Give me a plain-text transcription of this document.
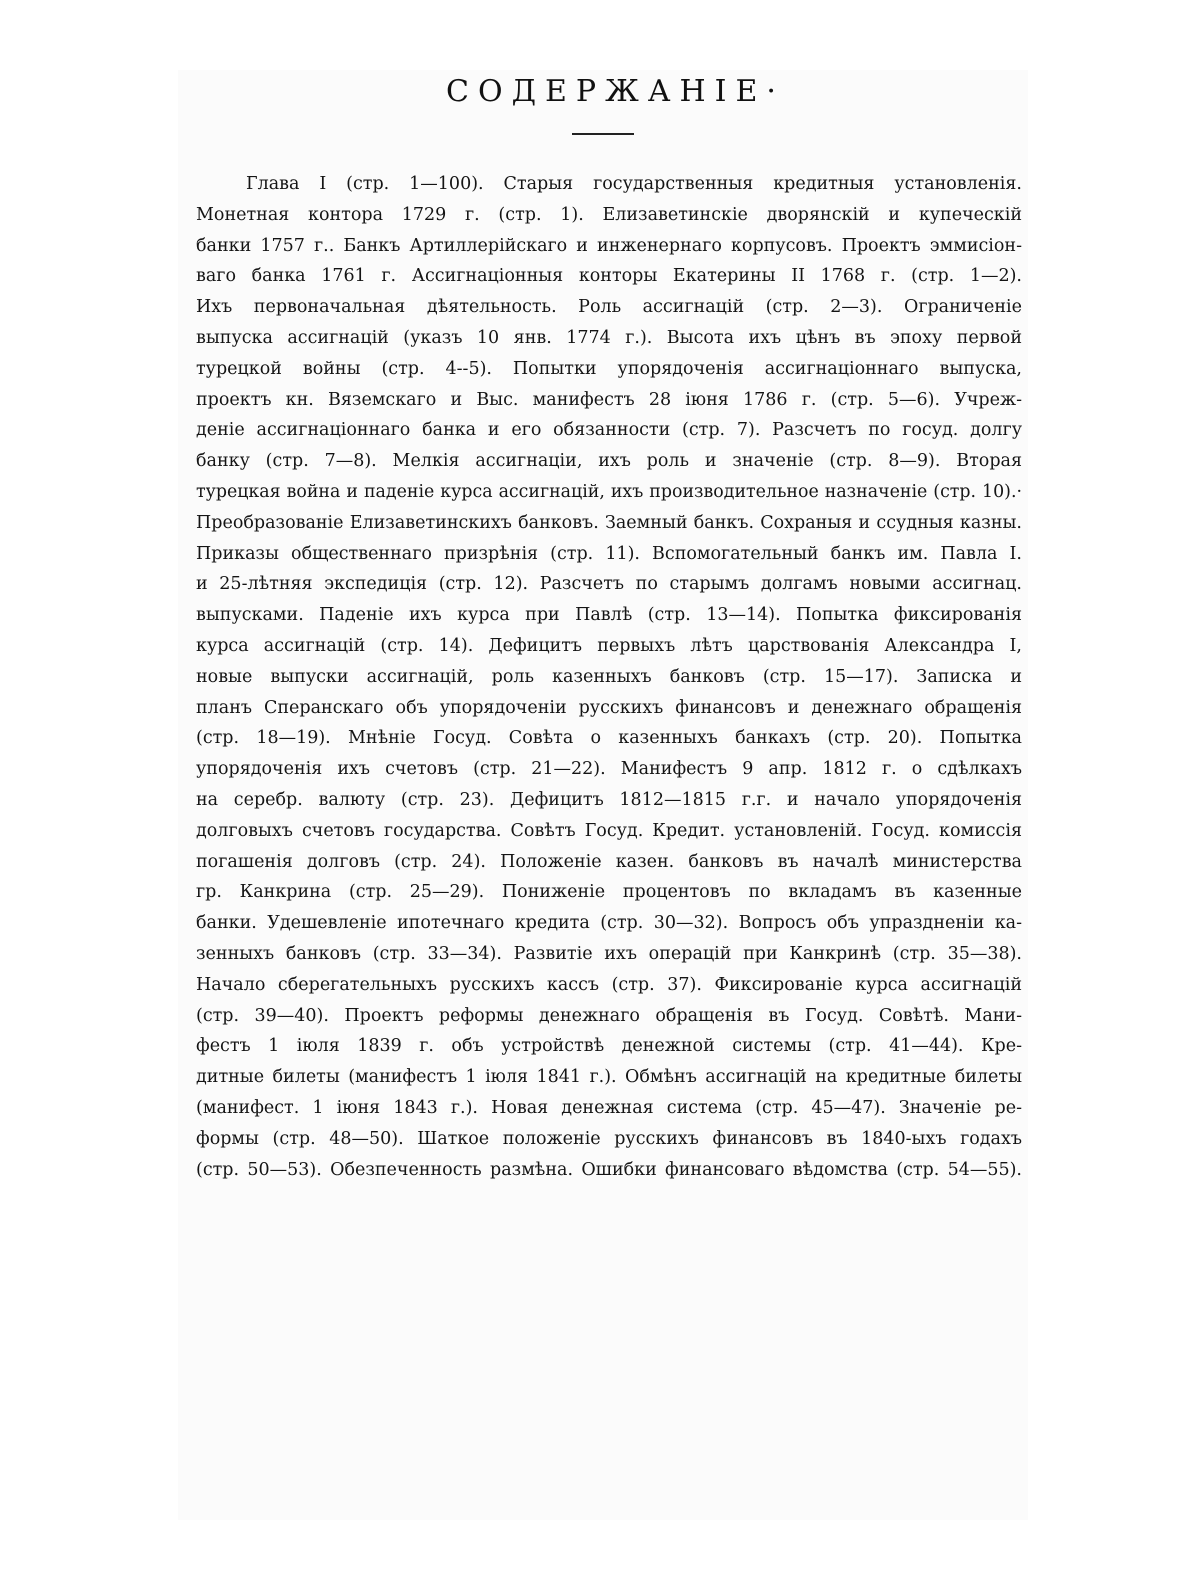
СОДЕРЖАНІЕ·
Глава I (стр. 1—100). Старыя государственныя кредитныя установленія.
Монетная контора 1729 г. (стр. 1). Елизаветинскіе дворянскій и купеческій
банки 1757 г.. Банкъ Артиллерійскаго и инженернаго корпусовъ. Проектъ эммисіон-
ваго банка 1761 г. Ассигнаціонныя конторы Екатерины II 1768 г. (стр. 1—2).
Ихъ первоначальная дѣятельность. Роль ассигнацій (стр. 2—3). Ограниченіе
выпуска ассигнацій (указъ 10 янв. 1774 г.). Высота ихъ цѣнъ въ эпоху первой
турецкой войны (стр. 4--5). Попытки упорядоченія ассигнаціоннаго выпуска,
проектъ кн. Вяземскаго и Выс. манифестъ 28 іюня 1786 г. (стр. 5—6). Учреж-
деніе ассигнаціоннаго банка и его обязанности (стр. 7). Разсчетъ по госуд. долгу
банку (стр. 7—8). Мелкія ассигнаціи, ихъ роль и значеніе (стр. 8—9). Вторая
турецкая война и паденіе курса ассигнацій, ихъ производительное назначеніе (стр. 10).·
Преобразованіе Елизаветинскихъ банковъ. Заемный банкъ. Сохраныя и ссудныя казны.
Приказы общественнаго призрѣнія (стр. 11). Вспомогательный банкъ им. Павла I.
и 25-лѣтняя экспедиція (стр. 12). Разсчетъ по старымъ долгамъ новыми ассигнац.
выпусками. Паденіе ихъ курса при Павлѣ (стр. 13—14). Попытка фиксированія
курса ассигнацій (стр. 14). Дефицитъ первыхъ лѣтъ царствованія Александра I,
новые выпуски ассигнацій, роль казенныхъ банковъ (стр. 15—17). Записка и
планъ Сперанскаго объ упорядоченіи русскихъ финансовъ и денежнаго обращенія
(стр. 18—19). Мнѣніе Госуд. Совѣта о казенныхъ банкахъ (стр. 20). Попытка
упорядоченія ихъ счетовъ (стр. 21—22). Манифестъ 9 апр. 1812 г. о сдѣлкахъ
на серебр. валюту (стр. 23). Дефицитъ 1812—1815 г.г. и начало упорядоченія
долговыхъ счетовъ государства. Совѣтъ Госуд. Кредит. установленій. Госуд. комиссія
погашенія долговъ (стр. 24). Положеніе казен. банковъ въ началѣ министерства
гр. Канкрина (стр. 25—29). Пониженіе процентовъ по вкладамъ въ казенные
банки. Удешевленіе ипотечнаго кредита (стр. 30—32). Вопросъ объ упраздненіи ка-
зенныхъ банковъ (стр. 33—34). Развитіе ихъ операцій при Канкринѣ (стр. 35—38).
Начало сберегательныхъ русскихъ кассъ (стр. 37). Фиксированіе курса ассигнацій
(стр. 39—40). Проектъ реформы денежнаго обращенія въ Госуд. Совѣтѣ. Мани-
фестъ 1 іюля 1839 г. объ устройствѣ денежной системы (стр. 41—44). Кре-
дитные билеты (манифестъ 1 іюля 1841 г.). Обмѣнъ ассигнацій на кредитные билеты
(манифест. 1 іюня 1843 г.). Новая денежная система (стр. 45—47). Значеніе ре-
формы (стр. 48—50). Шаткое положеніе русскихъ финансовъ въ 1840-ыхъ годахъ
(стр. 50—53). Обезпеченность размѣна. Ошибки финансоваго вѣдомства (стр. 54—55).
